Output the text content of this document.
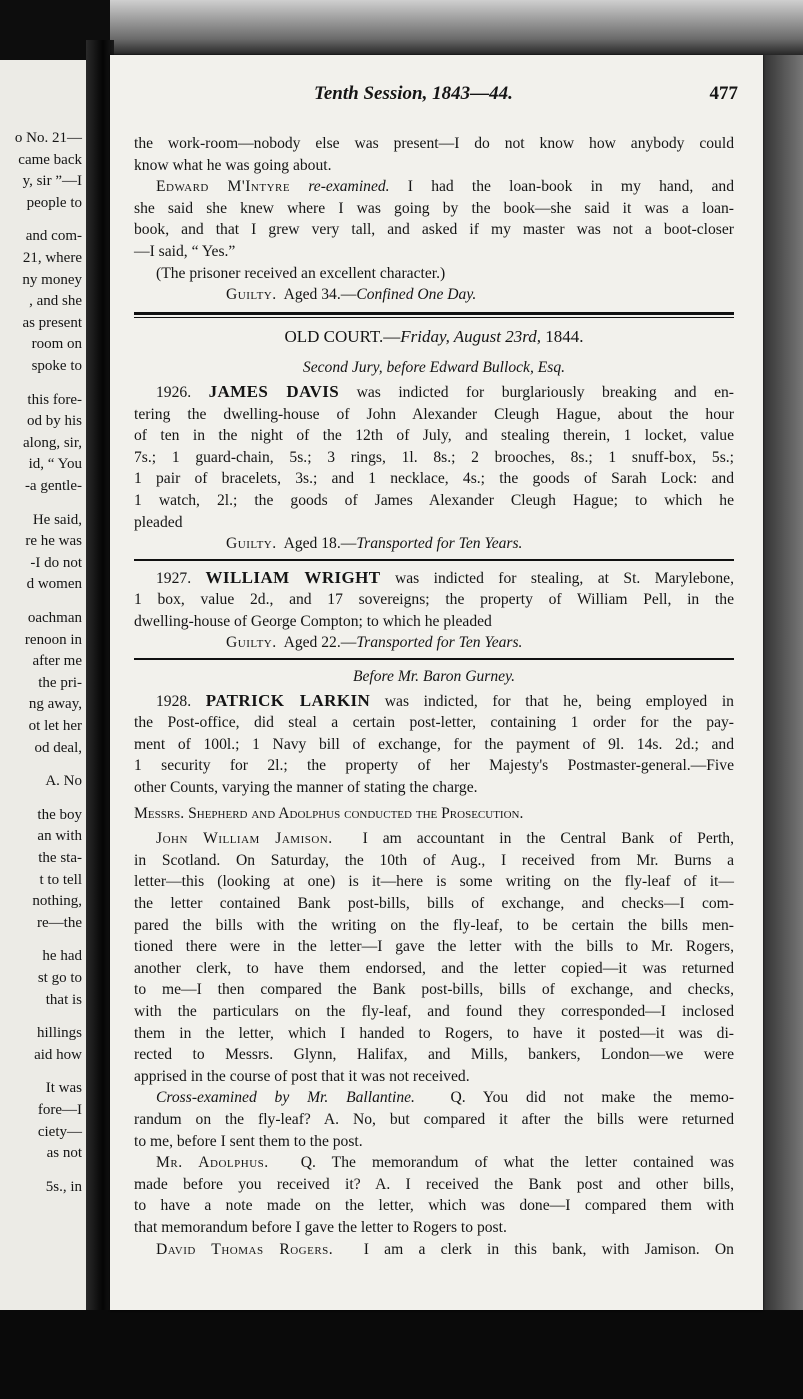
o No. 21—
came back
y, sir ”—I
people to
and com-
21, where
ny money
, and she
as present
room on
spoke to
this fore-
od by his
along, sir,
id, “ You
-a gentle-
He said,
re he was
-I do not
d women
oachman
renoon in
after me
the pri-
ng away,
ot let her
od deal,
A. No
the boy
an with
the sta-
t to tell
nothing,
re—the
he had
st go to
that is
hillings
aid how
It was
fore—I
ciety—
as not
5s., in
Tenth Session, 1843—44.	477
the work-room—nobody else was present—I do not know how anybody could
know what he was going about.
Edward M'Intyre re-examined. I had the loan-book in my hand, and
she said she knew where I was going by the book—she said it was a loan-
book, and that I grew very tall, and asked if my master was not a boot-closer
—I said, “ Yes.”
(The prisoner received an excellent character.)
Guilty. Aged 34.—Confined One Day.
OLD COURT.—Friday, August 23rd, 1844.
Second Jury, before Edward Bullock, Esq.
1926. JAMES DAVIS was indicted for burglariously breaking and en-
tering the dwelling-house of John Alexander Cleugh Hague, about the hour
of ten in the night of the 12th of July, and stealing therein, 1 locket, value
7s.; 1 guard-chain, 5s.; 3 rings, 1l. 8s.; 2 brooches, 8s.; 1 snuff-box, 5s.;
1 pair of bracelets, 3s.; and 1 necklace, 4s.; the goods of Sarah Lock: and
1 watch, 2l.; the goods of James Alexander Cleugh Hague; to which he
pleaded
Guilty. Aged 18.—Transported for Ten Years.
1927. WILLIAM WRIGHT was indicted for stealing, at St. Marylebone,
1 box, value 2d., and 17 sovereigns; the property of William Pell, in the
dwelling-house of George Compton; to which he pleaded
Guilty. Aged 22.—Transported for Ten Years.
Before Mr. Baron Gurney.
1928. PATRICK LARKIN was indicted, for that he, being employed in
the Post-office, did steal a certain post-letter, containing 1 order for the pay-
ment of 100l.; 1 Navy bill of exchange, for the payment of 9l. 14s. 2d.; and
1 security for 2l.; the property of her Majesty's Postmaster-general.—Five
other Counts, varying the manner of stating the charge.
Messrs. Shepherd and Adolphus conducted the Prosecution.
John William Jamison. I am accountant in the Central Bank of Perth,
in Scotland. On Saturday, the 10th of Aug., I received from Mr. Burns a
letter—this (looking at one) is it—here is some writing on the fly-leaf of it—
the letter contained Bank post-bills, bills of exchange, and checks—I com-
pared the bills with the writing on the fly-leaf, to be certain the bills men-
tioned there were in the letter—I gave the letter with the bills to Mr. Rogers,
another clerk, to have them endorsed, and the letter copied—it was returned
to me—I then compared the Bank post-bills, bills of exchange, and checks,
with the particulars on the fly-leaf, and found they corresponded—I inclosed
them in the letter, which I handed to Rogers, to have it posted—it was di-
rected to Messrs. Glynn, Halifax, and Mills, bankers, London—we were
apprised in the course of post that it was not received.
Cross-examined by Mr. Ballantine. Q. You did not make the memo-
randum on the fly-leaf? A. No, but compared it after the bills were returned
to me, before I sent them to the post.
Mr. Adolphus. Q. The memorandum of what the letter contained was
made before you received it? A. I received the Bank post and other bills,
to have a note made on the letter, which was done—I compared them with
that memorandum before I gave the letter to Rogers to post.
David Thomas Rogers. I am a clerk in this bank, with Jamison. On
